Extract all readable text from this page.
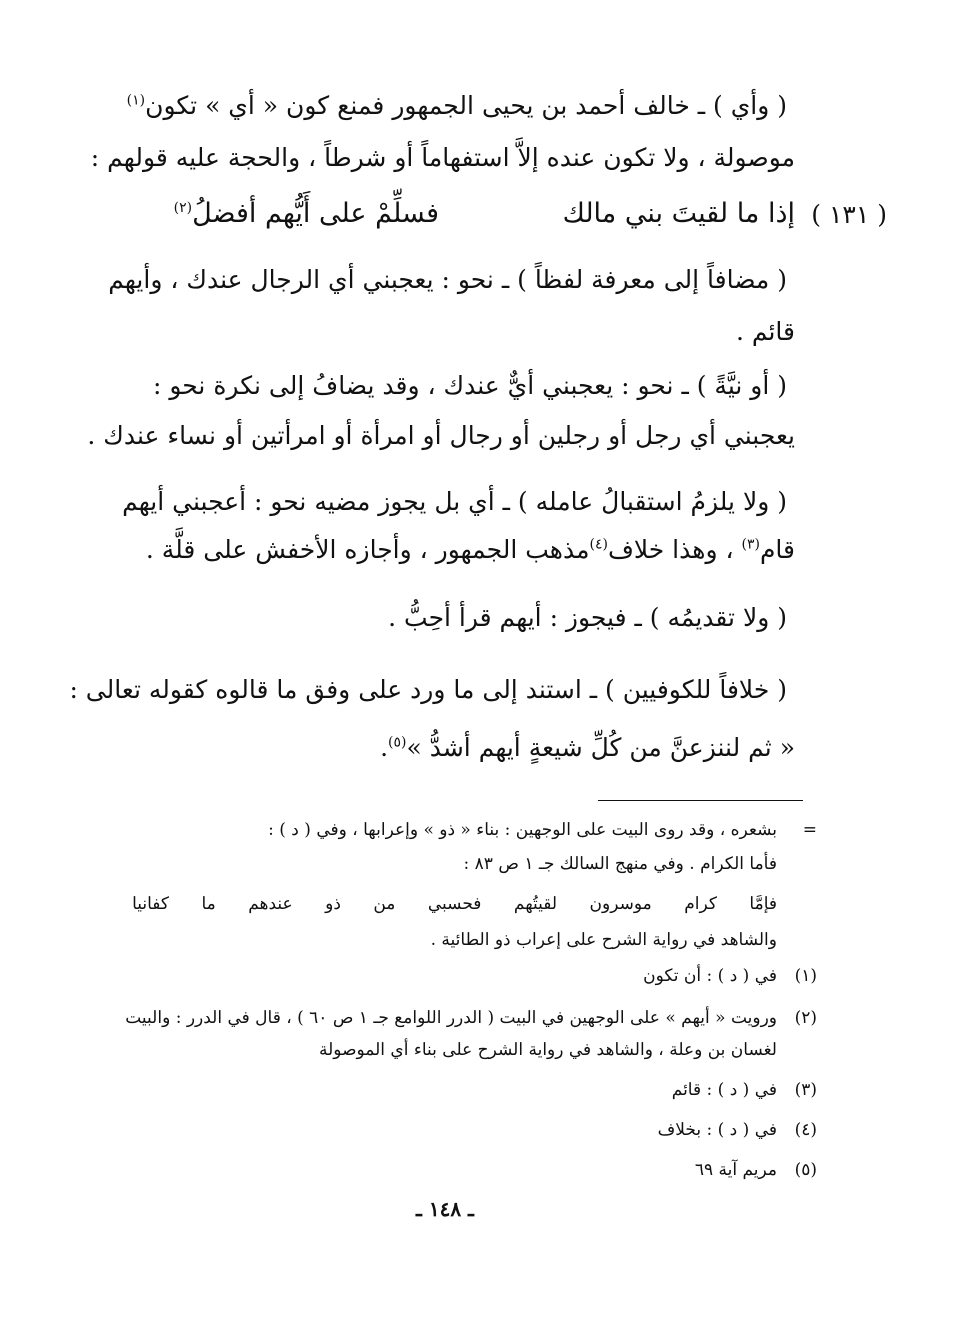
( وأي ) ـ خالف أحمد بن يحيى الجمهور فمنع كون « أي » تكون$^{(١)}$
موصولة ، ولا تكون عنده إلاَّ استفهاماً أو شرطاً ، والحجة عليه قولهم :
( ١٣١ )
إذا ما لقيتَ بني مالك
فسلِّمْ على أَيُّهم أفضلُ$^{(٢)}$
( مضافاً إلى معرفة لفظاً ) ـ نحو : يعجبني أي الرجال عندك ، وأيهم
قائم .
( أو نيَّةً ) ـ نحو : يعجبني أيٌّ عندك ، وقد يضافُ إلى نكرة نحو :
يعجبني أي رجل أو رجلين أو رجال أو امرأة أو امرأتين أو نساء عندك .
( ولا يلزمُ استقبالُ عامله ) ـ أي بل يجوز مضيه نحو : أعجبني أيهم
قام$^{(٣)}$ ، وهذا خلاف$^{(٤)}$مذهب الجمهور ، وأجازه الأخفش على قلَّة .
( ولا تقديمُه ) ـ فيجوز : أيهم قرأ أحِبُّ .
( خلافاً للكوفيين ) ـ استند إلى ما ورد على وفق ما قالوه كقوله تعالى :
« ثم لننزعنَّ من كُلِّ شيعةٍ أيهم أشدُّ »$^{(٥)}$.
=
بشعره ، وقد روى البيت على الوجهين : بناء « ذو » وإعرابها ، وفي ( د ) :
فأما الكرام . وفي منهج السالك جـ ١ ص ٨٣ :
فإمَّا
كرام
موسرون
لقيتُهم
فحسبي
من
ذو
عندهم
ما
كفانيا
والشاهد في رواية الشرح على إعراب ذو الطائية .
(١)
في ( د ) : أن تكون
(٢)
ورويت « أيهم » على الوجهين في البيت ( الدرر اللوامع جـ ١ ص ٦٠ ) ، قال في الدرر : والبيت
لغسان بن وعلة ، والشاهد في رواية الشرح على بناء أي الموصولة
(٣)
في ( د ) : قائم
(٤)
في ( د ) : بخلاف
(٥)
مريم آية ٦٩
ـ ١٤٨ ـ
